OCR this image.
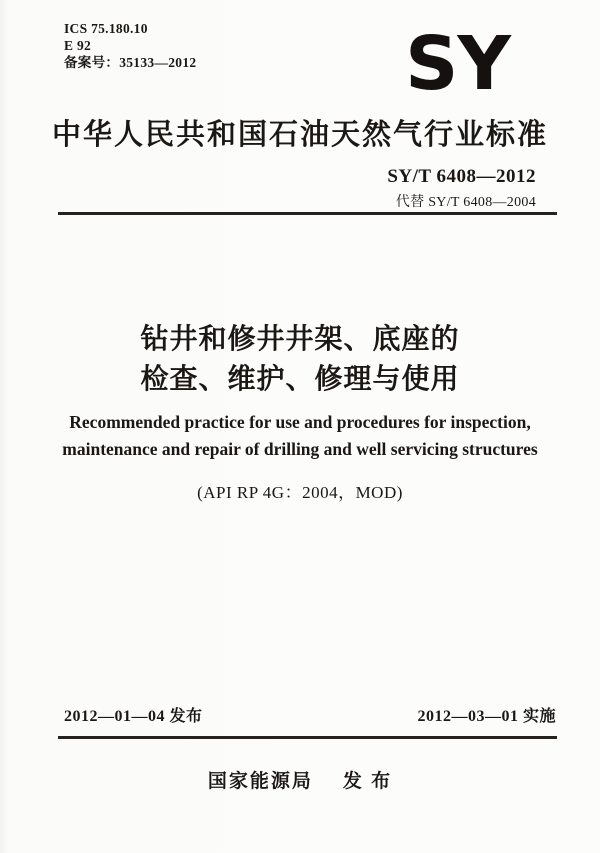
ICS 75.180.10
E 92
备案号：35133—2012	SY
中华人民共和国石油天然气行业标准
SY/T 6408—2012
代替 SY/T 6408—2004
钻井和修井井架、底座的
检查、维护、修理与使用
Recommended practice for use and procedures for inspection,
maintenance and repair of drilling and well servicing structures
(API RP 4G：2004，MOD)
2012—01—04 发布	2012—03—01 实施
国家能源局 发 布
